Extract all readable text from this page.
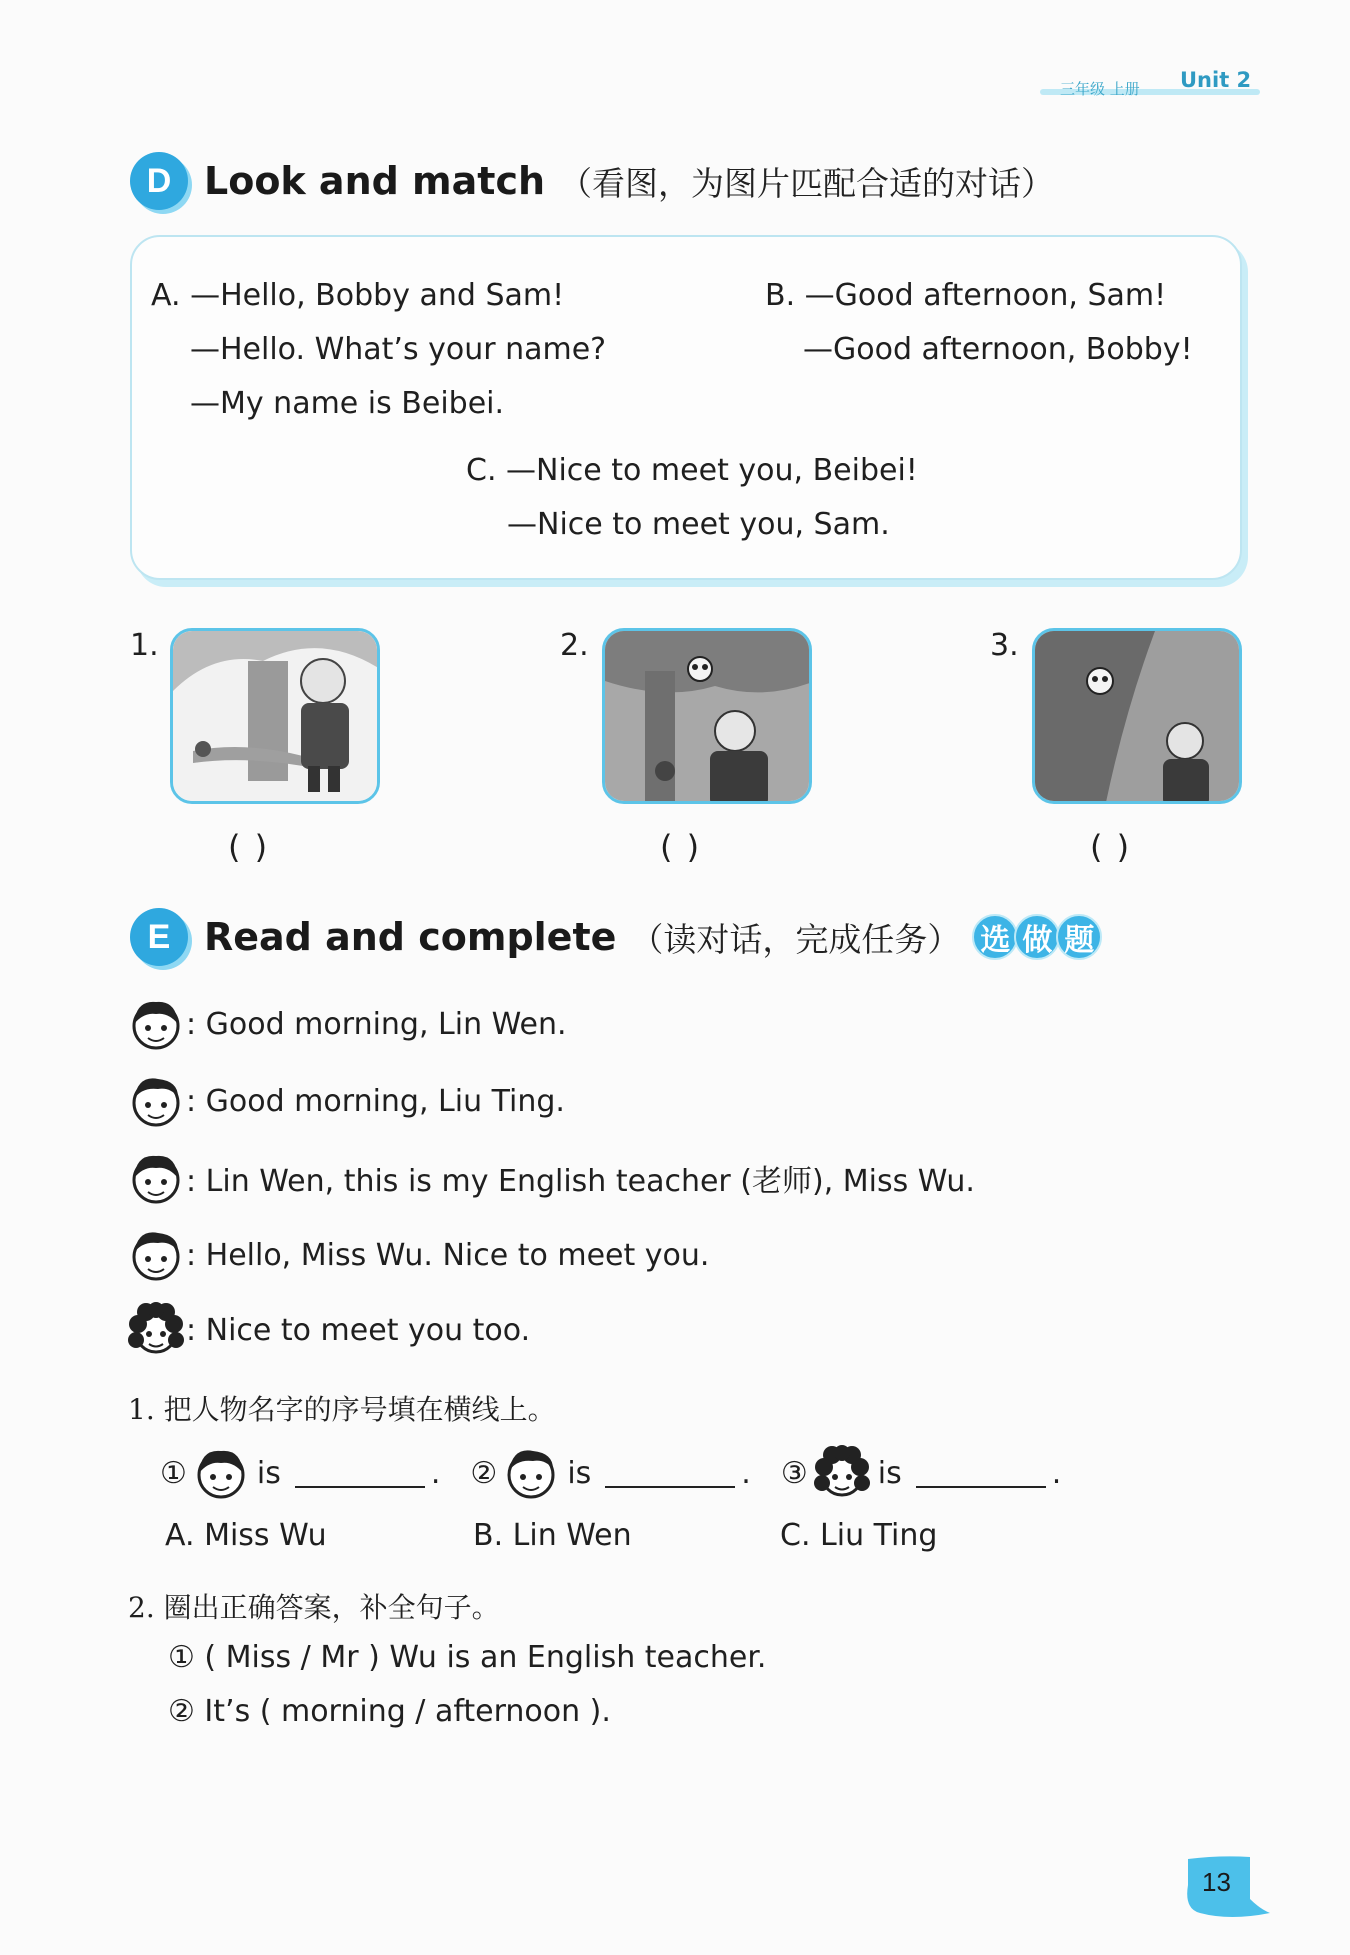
三年级 上册 Unit 2
D Look and match （看图，为图片匹配合适的对话）
A. —Hello, Bobby and Sam!
—Hello. What’s your name?
—My name is Beibei.
B. —Good afternoon, Sam!
—Good afternoon, Bobby!
C. —Nice to meet you, Beibei!
—Nice to meet you, Sam.
1.
( )
2.
( )
3.
( )
E Read and complete （读对话，完成任务） 选 做 题
: Good morning, Lin Wen.
: Good morning, Liu Ting.
: Lin Wen, this is my English teacher (老师), Miss Wu.
: Hello, Miss Wu. Nice to meet you.
: Nice to meet you too.
1. 把人物名字的序号填在横线上。
① is	. ② is	. ③ is	.
A. Miss Wu	B. Lin Wen	C. Liu Ting
2. 圈出正确答案，补全句子。
① ( Miss / Mr ) Wu is an English teacher.
② It’s ( morning / afternoon ).
13
